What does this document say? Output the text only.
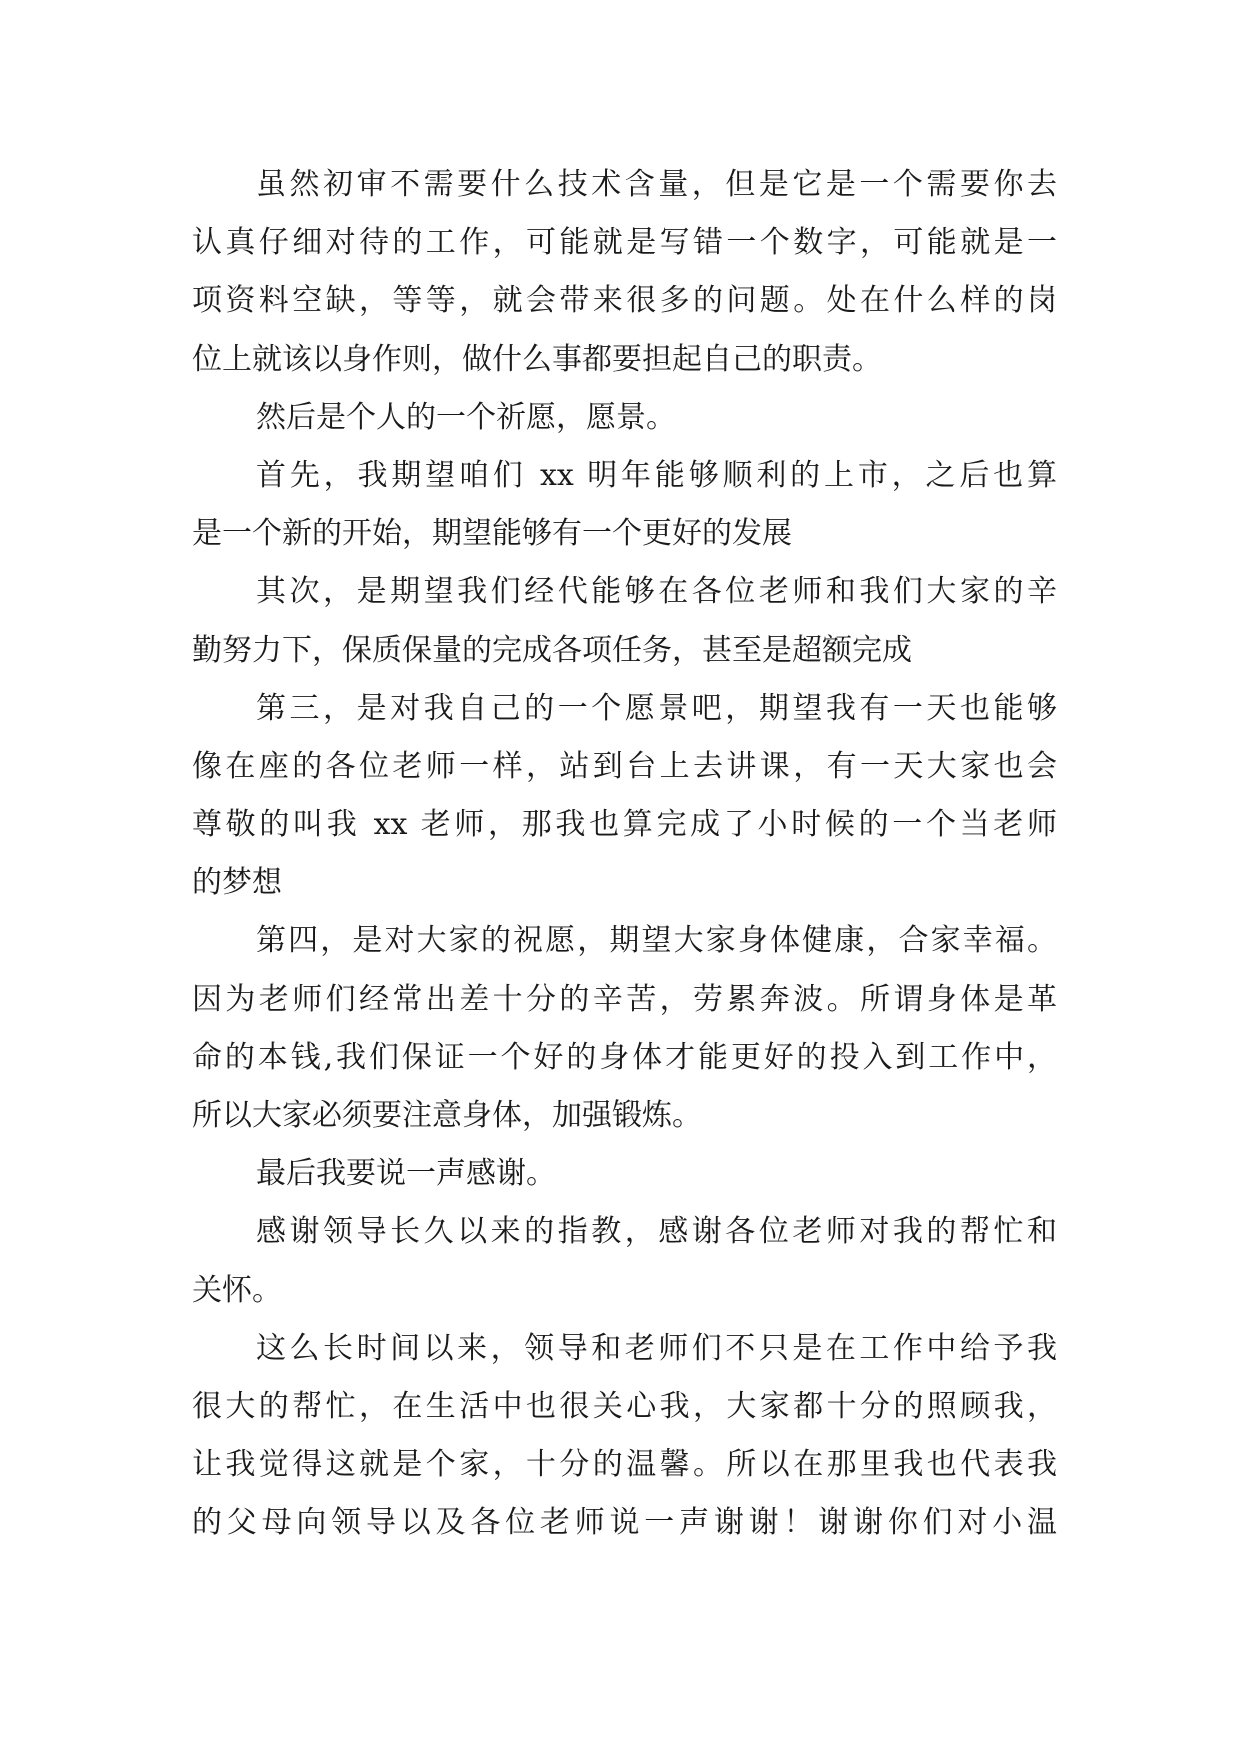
虽然初审不需要什么技术含量，但是它是一个需要你去
认真仔细对待的工作，可能就是写错一个数字，可能就是一
项资料空缺，等等，就会带来很多的问题。处在什么样的岗
位上就该以身作则，做什么事都要担起自己的职责。
然后是个人的一个祈愿，愿景。
首先，我期望咱们 xx 明年能够顺利的上市，之后也算
是一个新的开始，期望能够有一个更好的发展
其次，是期望我们经代能够在各位老师和我们大家的辛
勤努力下，保质保量的完成各项任务，甚至是超额完成
第三，是对我自己的一个愿景吧，期望我有一天也能够
像在座的各位老师一样，站到台上去讲课，有一天大家也会
尊敬的叫我 xx 老师，那我也算完成了小时候的一个当老师
的梦想
第四，是对大家的祝愿，期望大家身体健康，合家幸福。
因为老师们经常出差十分的辛苦，劳累奔波。所谓身体是革
命的本钱,我们保证一个好的身体才能更好的投入到工作中，
所以大家必须要注意身体，加强锻炼。
最后我要说一声感谢。
感谢领导长久以来的指教，感谢各位老师对我的帮忙和
关怀。
这么长时间以来，领导和老师们不只是在工作中给予我
很大的帮忙，在生活中也很关心我，大家都十分的照顾我，
让我觉得这就是个家，十分的温馨。所以在那里我也代表我
的父母向领导以及各位老师说一声谢谢！谢谢你们对小温
